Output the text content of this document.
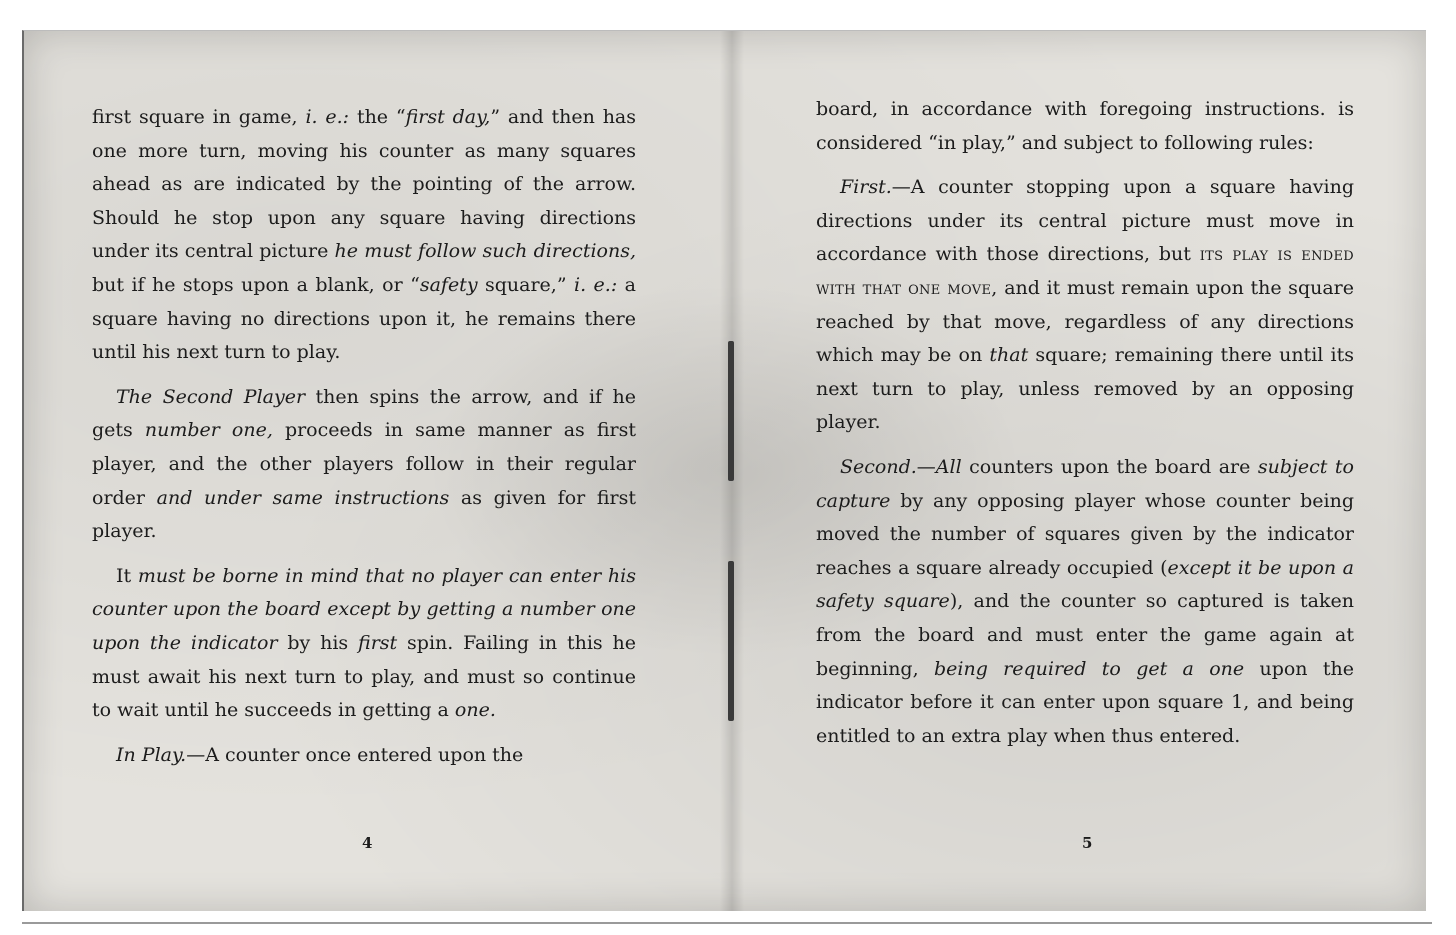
first square in game, i. e.: the “first day,” and then has one more turn, moving his counter as many squares ahead as are indicated by the pointing of the arrow. Should he stop upon any square having directions under its central picture he must follow such directions, but if he stops upon a blank, or “safety square,” i. e.: a square having no directions upon it, he remains there until his next turn to play.

The Second Player then spins the arrow, and if he gets number one, proceeds in same manner as first player, and the other players follow in their regular order and under same instructions as given for first player.

It must be borne in mind that no player can enter his counter upon the board except by getting a number one upon the indicator by his first spin. Failing in this he must await his next turn to play, and must so continue to wait until he succeeds in getting a one.

In Play.—A counter once entered upon the

4

board, in accordance with foregoing instructions. is considered “in play,” and subject to following rules:

First.—A counter stopping upon a square having directions under its central picture must move in accordance with those directions, but its play is ended with that one move, and it must remain upon the square reached by that move, regardless of any directions which may be on that square; remaining there until its next turn to play, unless removed by an opposing player.

Second.—All counters upon the board are subject to capture by any opposing player whose counter being moved the number of squares given by the indicator reaches a square already occupied (except it be upon a safety square), and the counter so captured is taken from the board and must enter the game again at beginning, being required to get a one upon the indicator before it can enter upon square 1, and being entitled to an extra play when thus entered.

5
